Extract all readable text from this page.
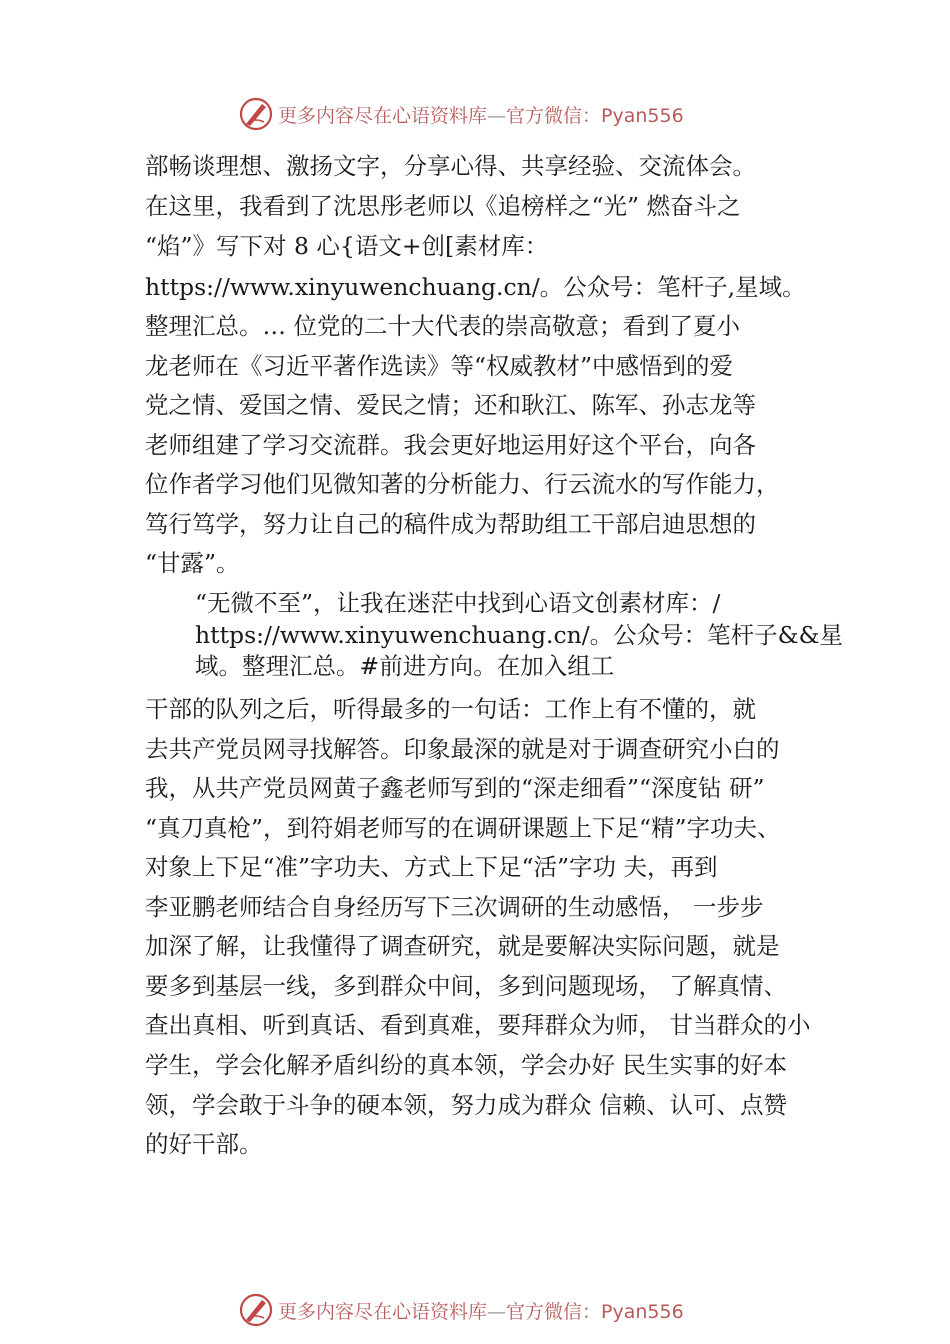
更多内容尽在心语资料库—官方微信：Pyan556
部畅谈理想、激扬文字，分享心得、共享经验、交流体会。
在这里，我看到了沈思彤老师以《追榜样之“光” 燃奋斗之
“焰”》写下对 8 心{语文+创[素材库：
https://www.xinyuwenchuang.cn/。公众号：笔杆子,星域。
整理汇总。… 位党的二十大代表的崇高敬意；看到了夏小
龙老师在《习近平著作选读》等“权威教材”中感悟到的爱
党之情、爱国之情、爱民之情；还和耿江、陈军、孙志龙等
老师组建了学习交流群。我会更好地运用好这个平台，向各
位作者学习他们见微知著的分析能力、行云流水的写作能力，
笃行笃学，努力让自己的稿件成为帮助组工干部启迪思想的
“甘露”。
“无微不至”，让我在迷茫中找到心语文创素材库：/
https://www.xinyuwenchuang.cn/。公众号：笔杆子&&星
域。整理汇总。#前进方向。在加入组工
干部的队列之后，听得最多的一句话：工作上有不懂的，就
去共产党员网寻找解答。印象最深的就是对于调查研究小白的
我，从共产党员网黄子鑫老师写到的“深走细看”“深度钻 研”
“真刀真枪”，到符娟老师写的在调研课题上下足“精”字功夫、
对象上下足“准”字功夫、方式上下足“活”字功 夫，再到
李亚鹏老师结合自身经历写下三次调研的生动感悟， 一步步
加深了解，让我懂得了调查研究，就是要解决实际问题，就是
要多到基层一线，多到群众中间，多到问题现场， 了解真情、
查出真相、听到真话、看到真难，要拜群众为师， 甘当群众的小
学生，学会化解矛盾纠纷的真本领，学会办好 民生实事的好本
领，学会敢于斗争的硬本领，努力成为群众 信赖、认可、点赞
的好干部。
更多内容尽在心语资料库—官方微信：Pyan556
